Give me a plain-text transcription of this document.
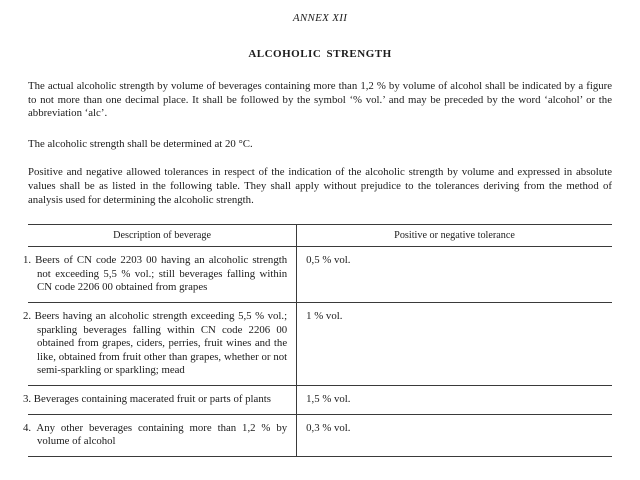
ANNEX XII
ALCOHOLIC STRENGTH

The actual alcoholic strength by volume of beverages containing more than 1,2 % by volume of alcohol shall be indicated by a figure to not more than one decimal place. It shall be followed by the symbol ‘% vol.’ and may be preceded by the word ‘alcohol’ or the abbreviation ‘alc’.

The alcoholic strength shall be determined at 20 °C.

Positive and negative allowed tolerances in respect of the indication of the alcoholic strength by volume and expressed in absolute values shall be as listed in the following table. They shall apply without prejudice to the tolerances deriving from the method of analysis used for determining the alcoholic strength.

Description of beverage	Positive or negative tolerance
1. Beers of CN code 2203 00 having an alcoholic strength not exceeding 5,5 % vol.; still beverages falling within CN code 2206 00 obtained from grapes	0,5 % vol.
2. Beers having an alcoholic strength exceeding 5,5 % vol.; sparkling beverages falling within CN code 2206 00 obtained from grapes, ciders, perries, fruit wines and the like, obtained from fruit other than grapes, whether or not semi-sparkling or sparkling; mead	1 % vol.
3. Beverages containing macerated fruit or parts of plants	1,5 % vol.
4. Any other beverages containing more than 1,2 % by volume of alcohol	0,3 % vol.
